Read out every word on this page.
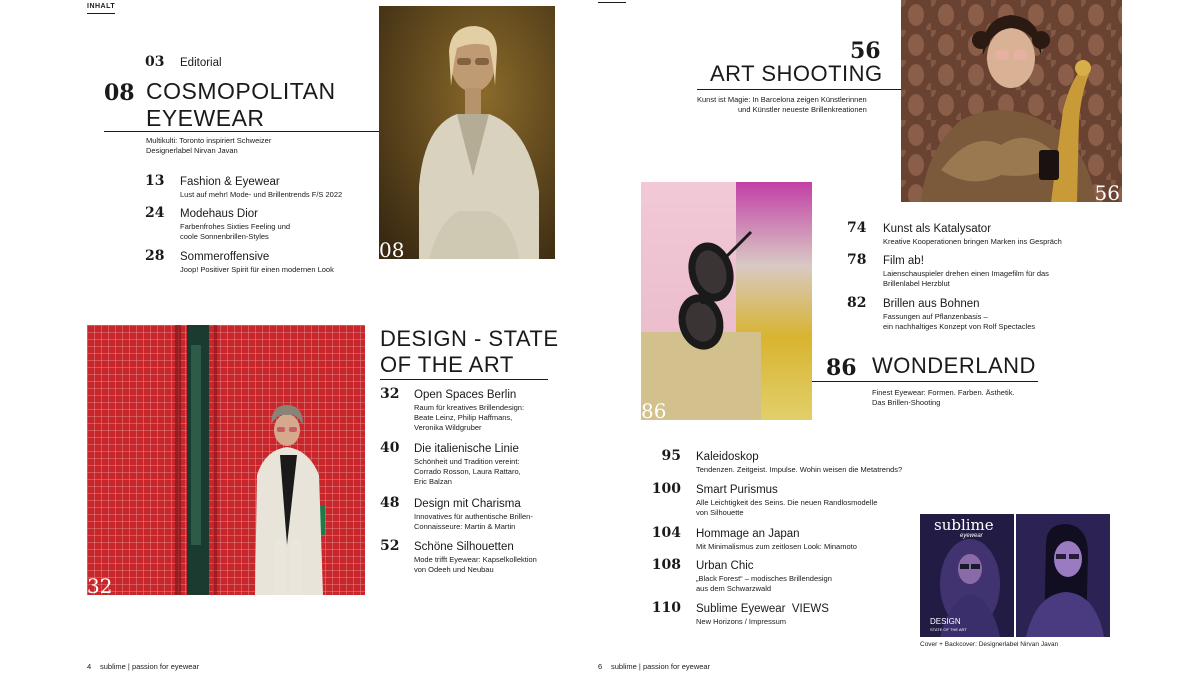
INHALT
03 Editorial
08 COSMOPOLITAN
EYEWEAR
Multikulti: Toronto inspiriert Schweizer
Designerlabel Nirvan Javan
13 Fashion & Eyewear
Lust auf mehr! Mode- und Brillentrends F/S 2022
24 Modehaus Dior
Farbenfrohes Sixties Feeling und
coole Sonnenbrillen-Styles
28 Sommeroffensive
Joop! Positiver Spirit für einen modernen Look
08
32
DESIGN - STATE
OF THE ART
32 Open Spaces Berlin
Raum für kreatives Brillendesign:
Beate Leinz, Philip Haffmans,
Veronika Wildgruber
40 Die italienische Linie
Schönheit und Tradition vereint:
Corrado Rosson, Laura Rattaro,
Eric Balzan
48 Design mit Charisma
Innovatives für authentische Brillen-
Connaisseure: Martin & Martin
52 Schöne Silhouetten
Mode trifft Eyewear: Kapselkollektion
von Odeeh und Neubau
4 sublime | passion for eyewear
56
ART SHOOTING
Kunst ist Magie: In Barcelona zeigen Künstlerinnen
und Künstler neueste Brillenkreationen
56
86
74 Kunst als Katalysator
Kreative Kooperationen bringen Marken ins Gespräch
78 Film ab!
Laienschauspieler drehen einen Imagefilm für das
Brillenlabel Herzblut
82 Brillen aus Bohnen
Fassungen auf Pflanzenbasis –
ein nachhaltiges Konzept von Rolf Spectacles
86 WONDERLAND
Finest Eyewear: Formen. Farben. Ästhetik.
Das Brillen-Shooting
95 Kaleidoskop
Tendenzen. Zeitgeist. Impulse. Wohin weisen die Metatrends?
100 Smart Purismus
Alle Leichtigkeit des Seins. Die neuen Randlosmodelle
von Silhouette
104 Hommage an Japan
Mit Minimalismus zum zeitlosen Look: Minamoto
108 Urban Chic
„Black Forest“ – modisches Brillendesign
aus dem Schwarzwald
110 Sublime Eyewear  VIEWS
New Horizons / Impressum
sublime
eyewear
DESIGN
STATE OF THE ART
Cover + Backcover: Designerlabel Nirvan Javan
6 sublime | passion for eyewear
